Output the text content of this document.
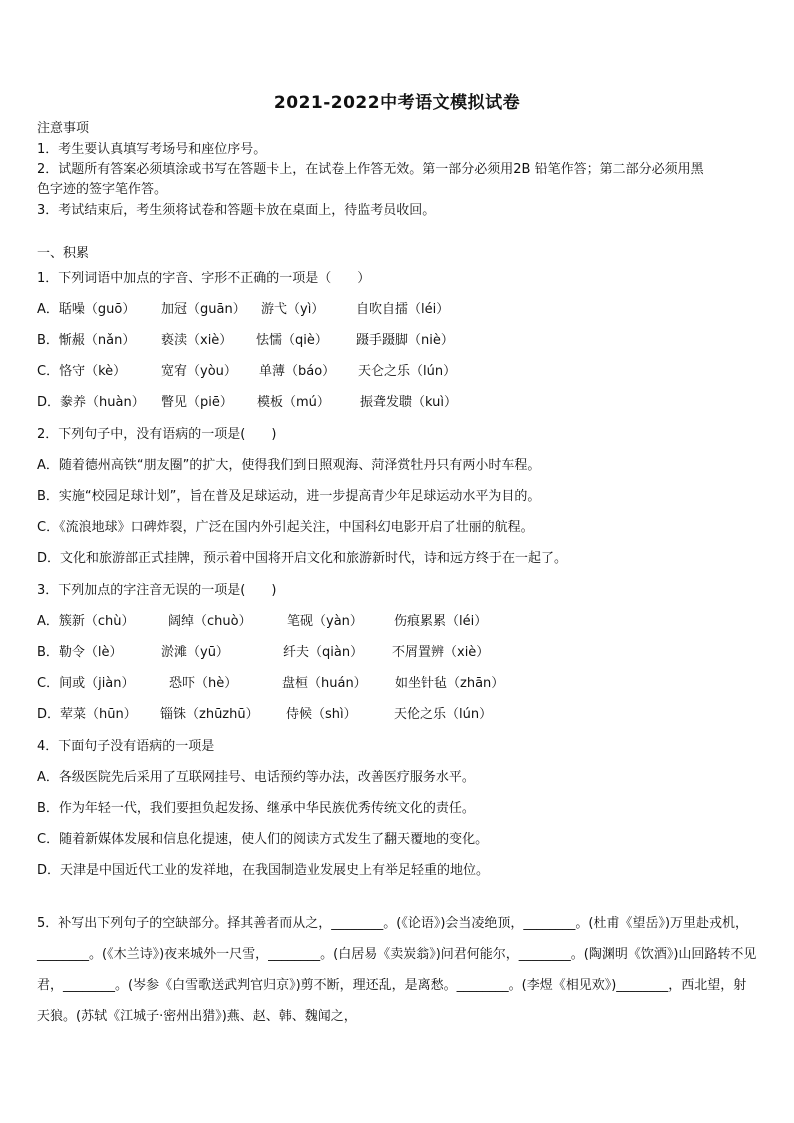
2021-2022中考语文模拟试卷
注意事项
1．考生要认真填写考场号和座位序号。
2．试题所有答案必须填涂或书写在答题卡上，在试卷上作答无效。第一部分必须用2B 铅笔作答；第二部分必须用黑
色字迹的签字笔作答。
3．考试结束后，考生须将试卷和答题卡放在桌面上，待监考员收回。
一、积累
1．下列词语中加点的字音、字形不正确的一项是（　　）
A．聒噪（guō） 加冠（guān） 游弋（yì） 自吹自擂（léi）
B．惭赧（nǎn） 亵渎（xiè） 怯懦（qiè） 蹑手蹑脚（niè）
C．恪守（kè）	宽宥（yòu） 单薄（báo） 天仑之乐（lún）
D．豢养（huàn） 瞥见（piē） 模板（mú） 振聋发聩（kuì）
2．下列句子中，没有语病的一项是(　　)
A．随着德州高铁“朋友圈”的扩大，使得我们到日照观海、菏泽赏牡丹只有两小时车程。
B．实施“校园足球计划”，旨在普及足球运动，进一步提高青少年足球运动水平为目的。
C．《流浪地球》口碑炸裂，广泛在国内外引起关注，中国科幻电影开启了壮丽的航程。
D．文化和旅游部正式挂牌，预示着中国将开启文化和旅游新时代，诗和远方终于在一起了。
3．下列加点的字注音无误的一项是(　　)
A．簇新（chù）	阔绰（chuò）	笔砚（yàn） 伤痕累累（léi）
B．勒令（lè）	淤滩（yū）	纤夫（qiàn） 不屑置辨（xiè）
C．间或（jiàn）	恐吓（hè）	盘桓（huán） 如坐针毡（zhān）
D．荤菜（hūn） 锱铢（zhūzhū） 侍候（shì）	天伦之乐（lún）
4．下面句子没有语病的一项是
A．各级医院先后采用了互联网挂号、电话预约等办法，改善医疗服务水平。
B．作为年轻一代，我们要担负起发扬、继承中华民族优秀传统文化的责任。
C．随着新媒体发展和信息化提速，使人们的阅读方式发生了翻天覆地的变化。
D．天津是中国近代工业的发祥地，在我国制造业发展史上有举足轻重的地位。
5．补写出下列句子的空缺部分。择其善者而从之，________。(《论语》)会当凌绝顶，________。(杜甫《望岳》)万里赴戎机，________。(《木兰诗》)夜来城外一尺雪，________。(白居易《卖炭翁》)问君何能尔，________。(陶渊明《饮酒》)山回路转不见君，________。(岑参《白雪歌送武判官归京》)剪不断，理还乱，是离愁。________。(李煜《相见欢》)________，西北望，射天狼。(苏轼《江城子·密州出猎》)燕、赵、韩、魏闻之，
